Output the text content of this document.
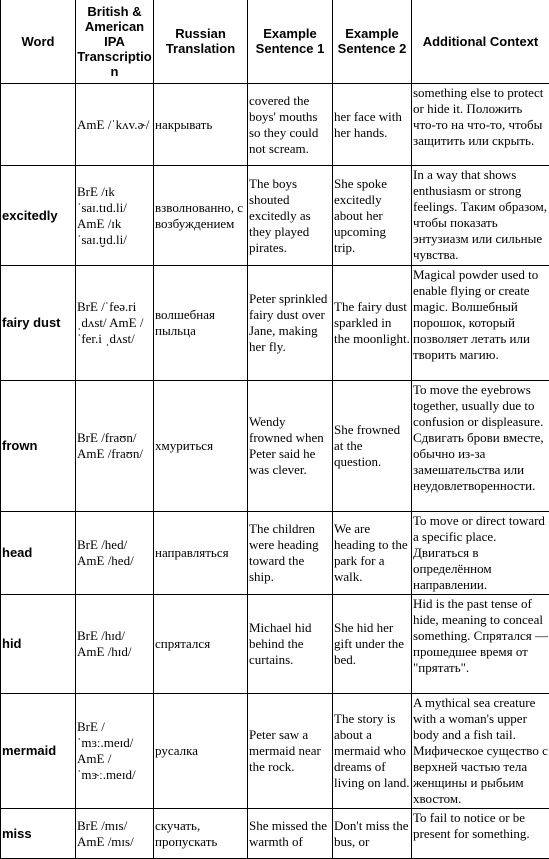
Word	British & American IPA Transcription	Russian Translation	Example Sentence 1	Example Sentence 2	Additional Context
	AmE /ˈkʌv.ɚ/	накрывать	covered the boys' mouths so they could not scream.	her face with her hands.	something else to protect or hide it. Положить что-то на что-то, чтобы защитить или скрыть.
excitedly	BrE /ɪkˈsaɪ.tɪd.li/ AmE /ɪkˈsaɪ.t̬ɪd.li/	взволнованно, с возбуждением	The boys shouted excitedly as they played pirates.	She spoke excitedly about her upcoming trip.	In a way that shows enthusiasm or strong feelings. Таким образом, чтобы показать энтузиазм или сильные чувства.
fairy dust	BrE /ˈfeə.ri ˌdʌst/ AmE /ˈfer.i ˌdʌst/	волшебная пыльца	Peter sprinkled fairy dust over Jane, making her fly.	The fairy dust sparkled in the moonlight.	Magical powder used to enable flying or create magic. Волшебный порошок, который позволяет летать или творить магию.
frown	BrE /fraʊn/ AmE /fraʊn/	хмуриться	Wendy frowned when Peter said he was clever.	She frowned at the question.	To move the eyebrows together, usually due to confusion or displeasure. Сдвигать брови вместе, обычно из-за замешательства или неудовлетворенности.
head	BrE /hed/ AmE /hed/	направляться	The children were heading toward the ship.	We are heading to the park for a walk.	To move or direct toward a specific place. Двигаться в определённом направлении.
hid	BrE /hɪd/ AmE /hɪd/	спрятался	Michael hid behind the curtains.	She hid her gift under the bed.	Hid is the past tense of hide, meaning to conceal something. Спрятался — прошедшее время от "прятать".
mermaid	BrE /ˈmɜː.meɪd/ AmE /ˈmɝː.meɪd/	русалка	Peter saw a mermaid near the rock.	The story is about a mermaid who dreams of living on land.	A mythical sea creature with a woman's upper body and a fish tail. Мифическое существо с верхней частью тела женщины и рыбьим хвостом.
miss	BrE /mɪs/ AmE /mɪs/	скучать, пропускать	She missed the warmth of	Don't miss the bus, or	To fail to notice or be present for something.
